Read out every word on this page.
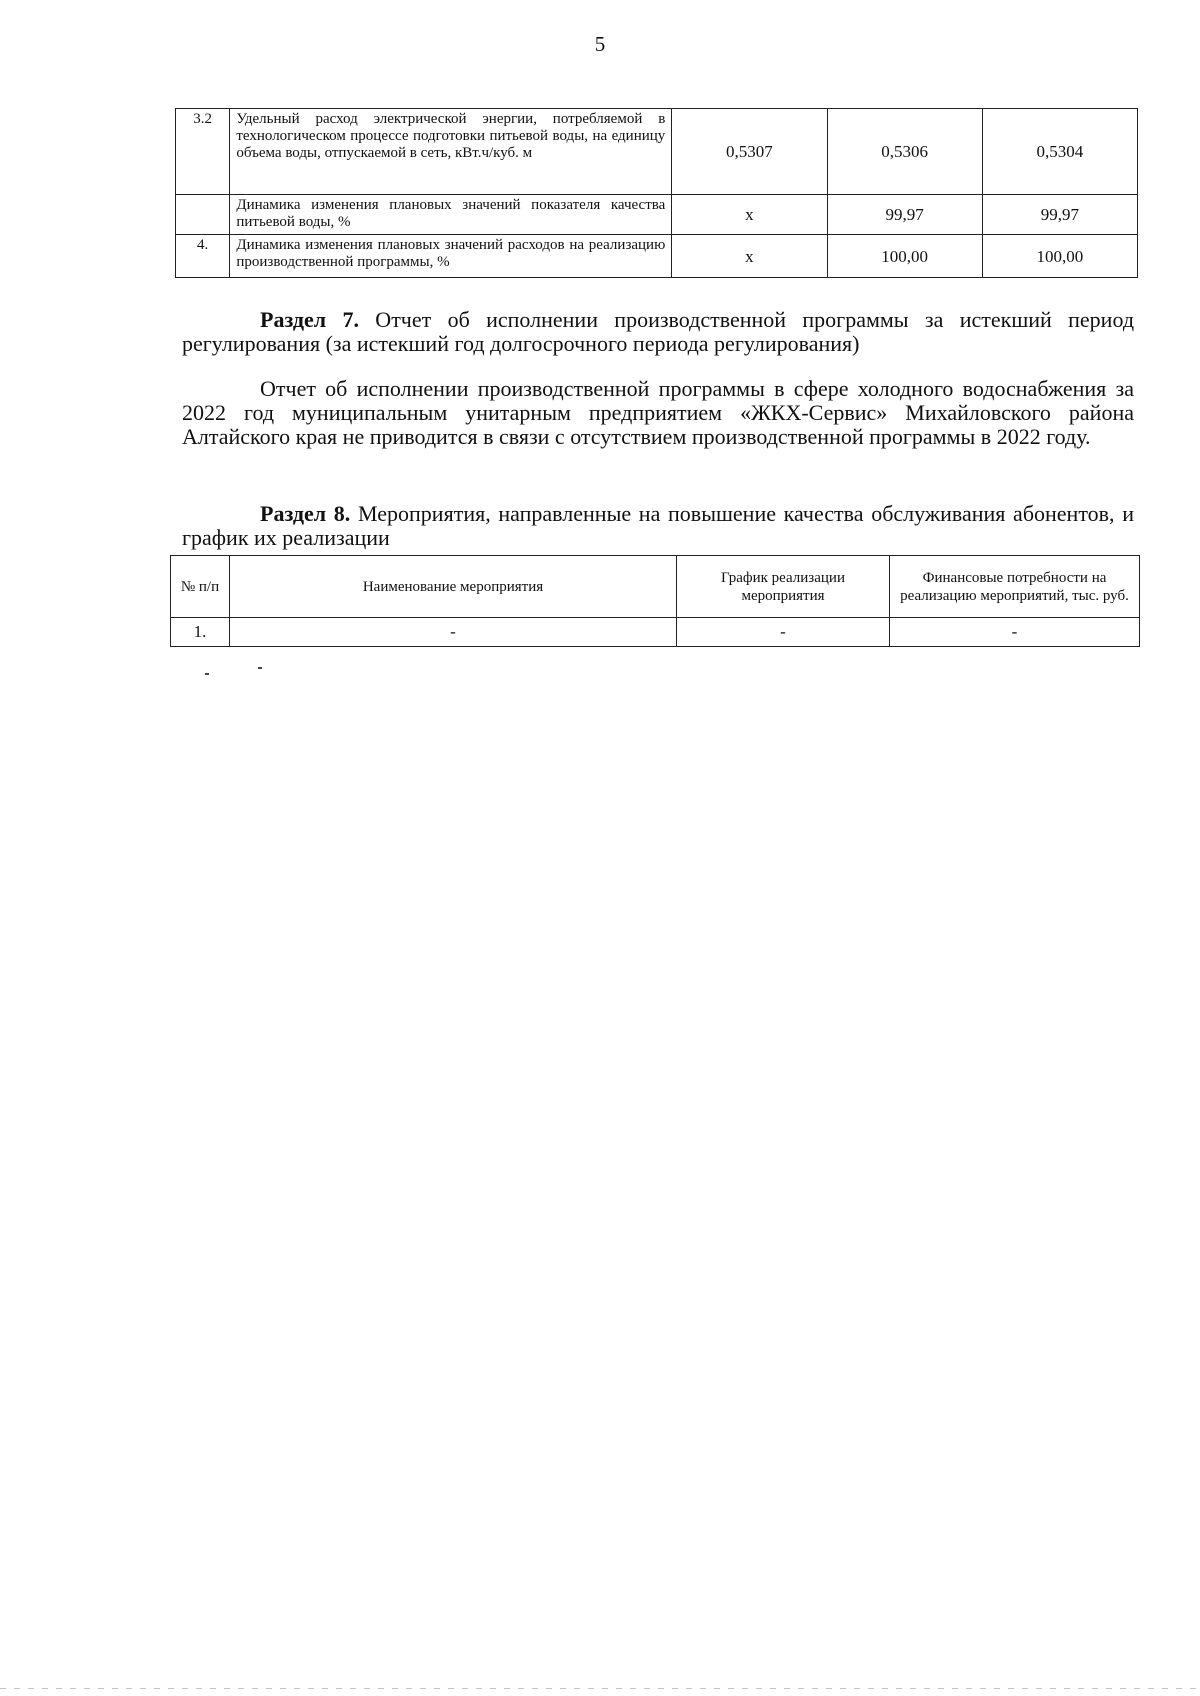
5
3.2	Удельный расход электрической энергии, потребляемой в технологическом процессе подготовки питьевой воды, на единицу объема воды, отпускаемой в сеть, кВт.ч/куб. м	0,5307	0,5306	0,5304
	Динамика изменения плановых значений показателя качества питьевой воды, %	х	99,97	99,97
4.	Динамика изменения плановых значений расходов на реализацию производственной программы, %	х	100,00	100,00
Раздел 7. Отчет об исполнении производственной программы за истекший период регулирования (за истекший год долгосрочного периода регулирования)
Отчет об исполнении производственной программы в сфере холодного водоснабжения за 2022 год муниципальным унитарным предприятием «ЖКХ-Сервис» Михайловского района Алтайского края не приводится в связи с отсутствием производственной программы в 2022 году.
Раздел 8. Мероприятия, направленные на повышение качества обслуживания абонентов, и график их реализации
№ п/п	Наименование мероприятия	График реализации мероприятия	Финансовые потребности на реализацию мероприятий, тыс. руб.
1.	-	-	-
